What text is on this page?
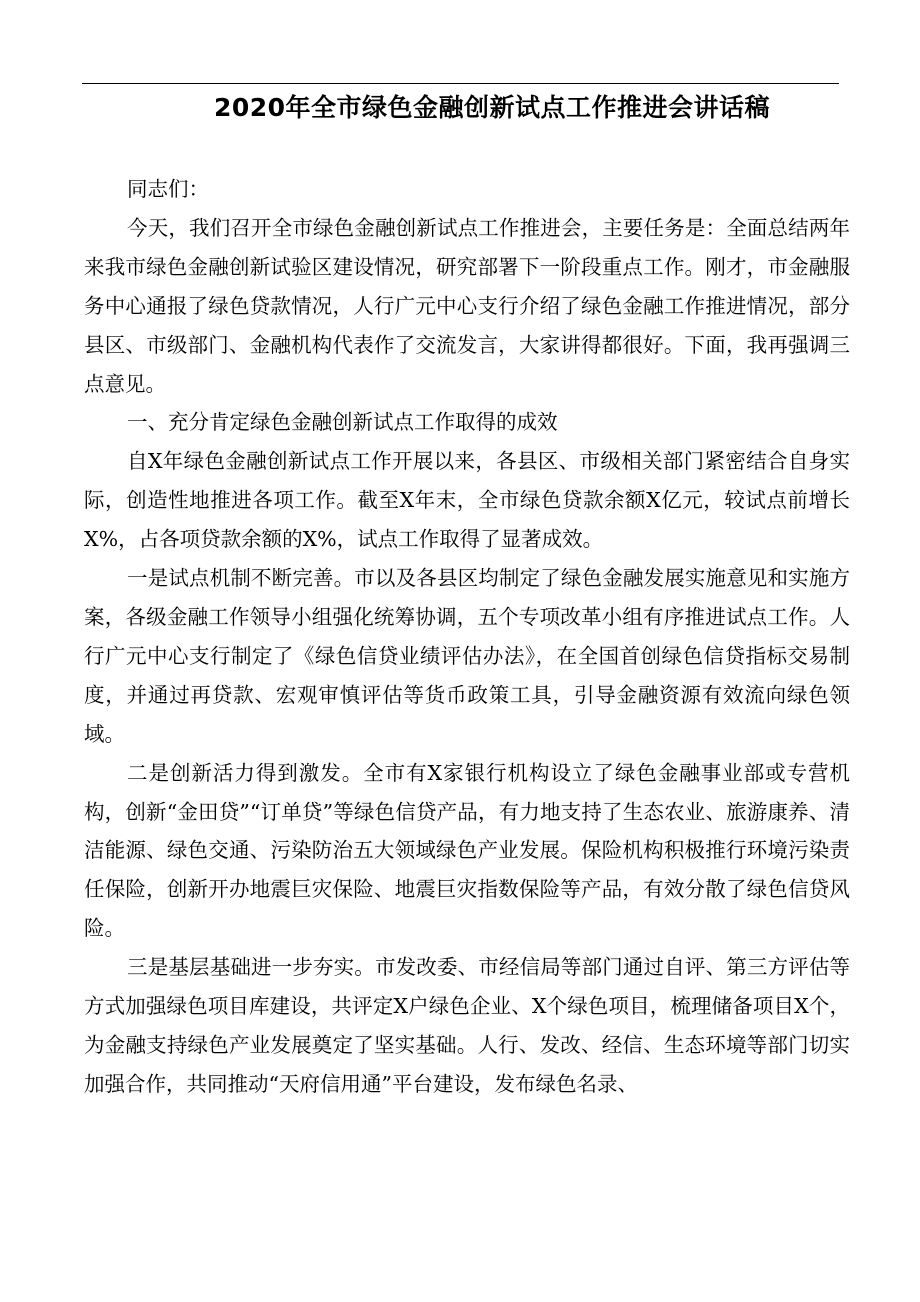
2020年全市绿色金融创新试点工作推进会讲话稿

同志们：

今天，我们召开全市绿色金融创新试点工作推进会，主要任务是：全面总结两年来我市绿色金融创新试验区建设情况，研究部署下一阶段重点工作。刚才，市金融服务中心通报了绿色贷款情况，人行广元中心支行介绍了绿色金融工作推进情况，部分县区、市级部门、金融机构代表作了交流发言，大家讲得都很好。下面，我再强调三点意见。

一、充分肯定绿色金融创新试点工作取得的成效

自X年绿色金融创新试点工作开展以来，各县区、市级相关部门紧密结合自身实际，创造性地推进各项工作。截至X年末，全市绿色贷款余额X亿元，较试点前增长X%，占各项贷款余额的X%，试点工作取得了显著成效。

一是试点机制不断完善。市以及各县区均制定了绿色金融发展实施意见和实施方案，各级金融工作领导小组强化统筹协调，五个专项改革小组有序推进试点工作。人行广元中心支行制定了《绿色信贷业绩评估办法》，在全国首创绿色信贷指标交易制度，并通过再贷款、宏观审慎评估等货币政策工具，引导金融资源有效流向绿色领域。

二是创新活力得到激发。全市有X家银行机构设立了绿色金融事业部或专营机构，创新“金田贷”“订单贷”等绿色信贷产品，有力地支持了生态农业、旅游康养、清洁能源、绿色交通、污染防治五大领域绿色产业发展。保险机构积极推行环境污染责任保险，创新开办地震巨灾保险、地震巨灾指数保险等产品，有效分散了绿色信贷风险。

三是基层基础进一步夯实。市发改委、市经信局等部门通过自评、第三方评估等方式加强绿色项目库建设，共评定X户绿色企业、X个绿色项目，梳理储备项目X个，为金融支持绿色产业发展奠定了坚实基础。人行、发改、经信、生态环境等部门切实加强合作，共同推动“天府信用通”平台建设，发布绿色名录、
